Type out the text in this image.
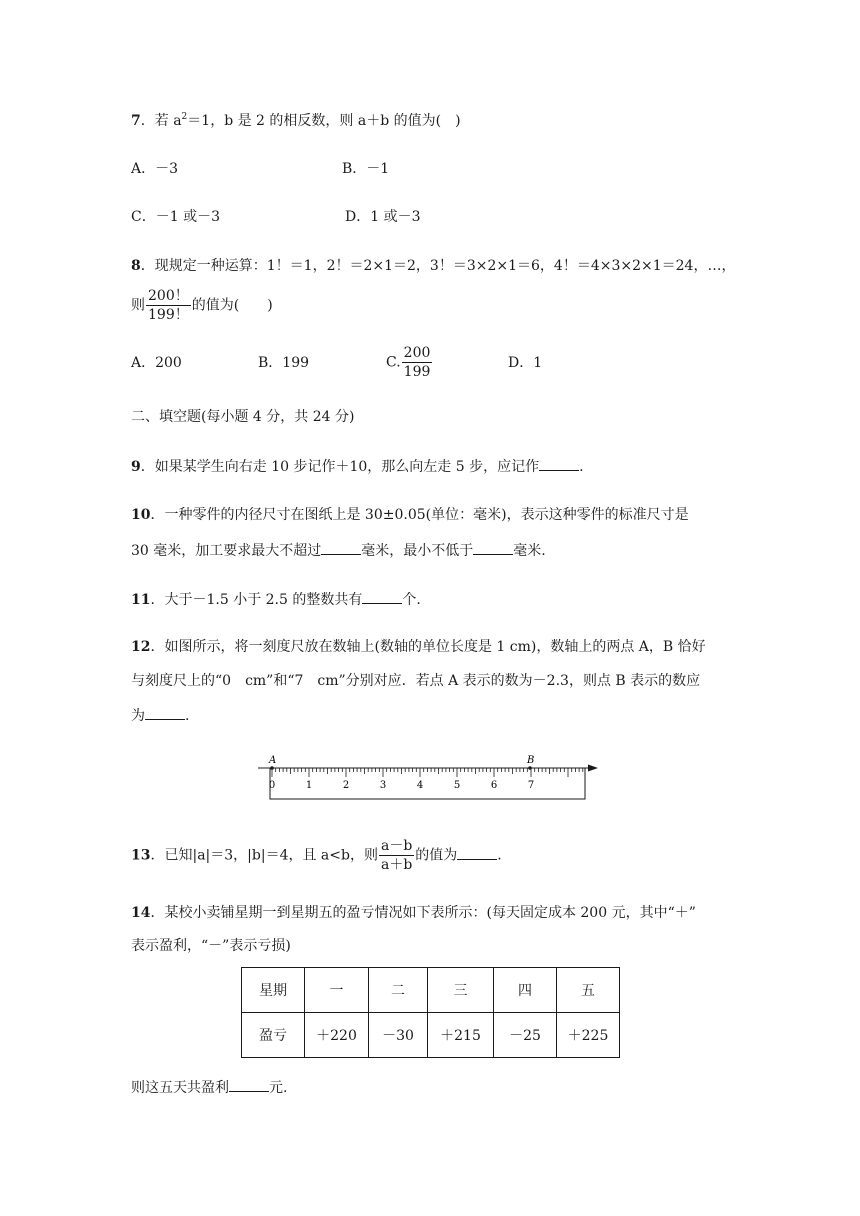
7．若 $a^2=1$，b 是 2 的相反数，则 a＋b 的值为(　)
A．－3	B．－1
C．－1 或－3	D．1 或－3
8．现规定一种运算：1！＝1，2！＝2×1＝2，3！＝3×2×1＝6，4！＝4×3×2×1＝24，…，
则 $\frac{200!}{199!}$ 的值为(　　)
A．200	B．199	C. $\frac{200}{199}$	D．1
二、填空题(每小题 4 分，共 24 分)
9．如果某学生向右走 10 步记作＋10，那么向左走 5 步，应记作	.
10．一种零件的内径尺寸在图纸上是 30±0.05(单位：毫米)，表示这种零件的标准尺寸是
30 毫米，加工要求最大不超过	毫米，最小不低于	毫米.
11．大于－1.5 小于 2.5 的整数共有	个.
12．如图所示，将一刻度尺放在数轴上(数轴的单位长度是 1 cm)，数轴上的两点 A，B 恰好
与刻度尺上的“0　cm”和“7　cm”分别对应．若点 A 表示的数为－2.3，则点 B 表示的数应
为	.
0	1	2	3	4	5	6	7
A	B
13．已知|a|＝3，|b|＝4，且 a<b，则 $\frac{a-b}{a+b}$ 的值为	.
14．某校小卖铺星期一到星期五的盈亏情况如下表所示：(每天固定成本 200 元，其中“＋”
表示盈利，“－”表示亏损)
星期	一	二	三	四	五
盈亏	＋220	－30	＋215	－25	＋225
则这五天共盈利	元.
